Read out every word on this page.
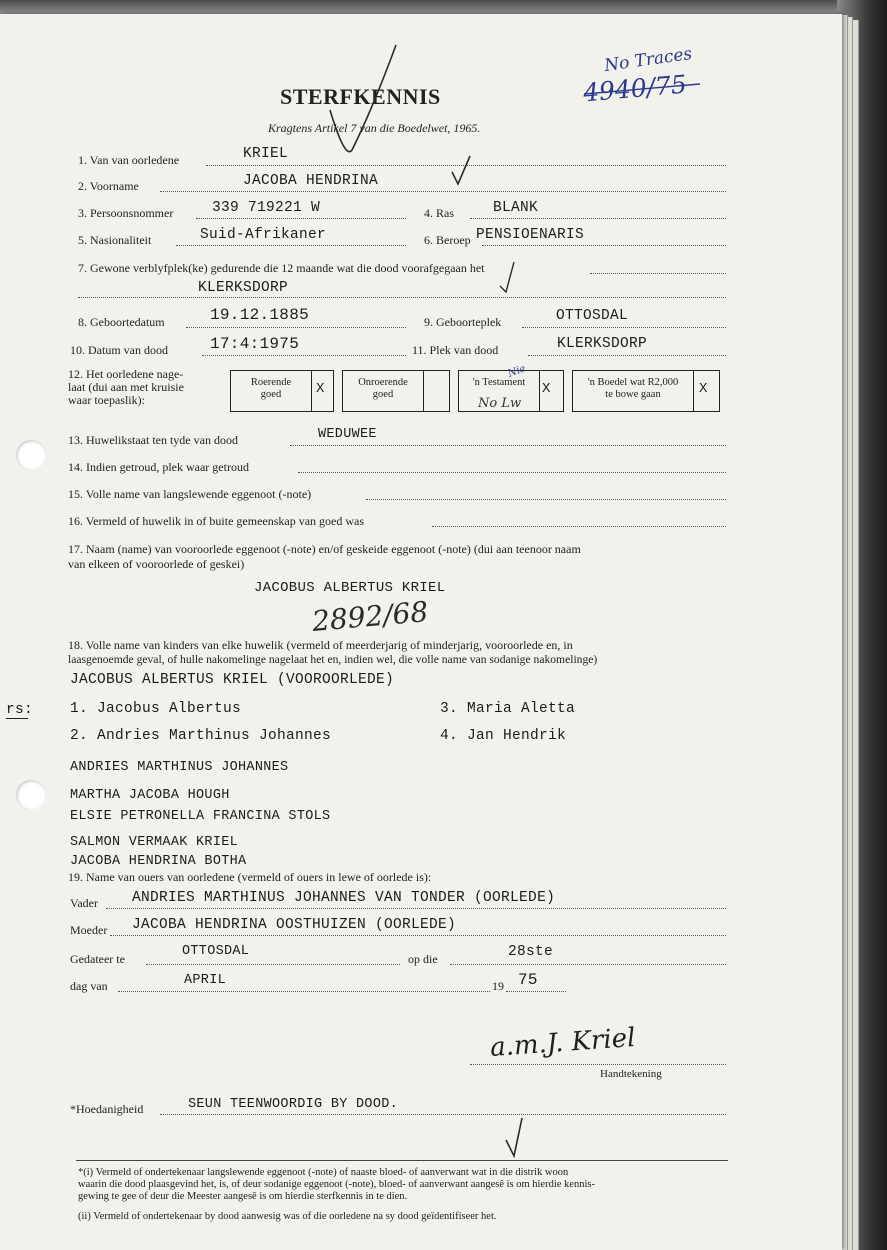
STERFKENNIS
Kragtens Artikel 7 van die Boedelwet, 1965.
No Traces
4940/75
1. Van van oorledene	KRIEL
2. Voorname	JACOBA HENDRINA
3. Persoonsnommer	339 719221 W	4. Ras	BLANK
5. Nasionaliteit	Suid-Afrikaner	6. Beroep PENSIOENARIS
7. Gewone verblyfplek(ke) gedurende die 12 maande wat die dood voorafgegaan het
KLERKSDORP
8. Geboortedatum	19.12.1885	9. Geboorteplek	OTTOSDAL
10. Datum van dood	17:4:1975	11. Plek van dood	KLERKSDORP
12. Het oorledene nage-
laat (dui aan met kruisie
waar toepaslik):
Roerende
goed	X	Onroerende
goed
'n Testament	X
Nie
No Lw
'n Boedel wat R2,000
te bowe gaan	X
13. Huwelikstaat ten tyde van dood	WEDUWEE
14. Indien getroud, plek waar getroud
15. Volle name van langslewende eggenoot (-note)
16. Vermeld of huwelik in of buite gemeenskap van goed was
17. Naam (name) van vooroorlede eggenoot (-note) en/of geskeide eggenoot (-note) (dui aan teenoor naam
van elkeen of vooroorlede of geskei)
JACOBUS ALBERTUS KRIEL
2892/68
18. Volle name van kinders van elke huwelik (vermeld of meerderjarig of minderjarig, vooroorlede en, in
laasgenoemde geval, of hulle nakomelinge nagelaat het en, indien wel, die volle name van sodanige nakomelinge)
rs:
JACOBUS ALBERTUS KRIEL (VOOROORLEDE)
1. Jacobus Albertus	3. Maria Aletta
2. Andries Marthinus Johannes	4. Jan Hendrik
ANDRIES MARTHINUS JOHANNES
MARTHA JACOBA HOUGH
ELSIE PETRONELLA FRANCINA STOLS
SALMON VERMAAK KRIEL
JACOBA HENDRINA BOTHA
19. Name van ouers van oorledene (vermeld of ouers in lewe of oorlede is):
Vader ANDRIES MARTHINUS JOHANNES VAN TONDER (OORLEDE)
Moeder JACOBA HENDRINA OOSTHUIZEN (OORLEDE)
Gedateer te	OTTOSDAL	op die	28ste
dag van	APRIL	19 75
a.m.J. Kriel
Handtekening
*Hoedanigheid	SEUN TEENWOORDIG BY DOOD.
*(i) Vermeld of ondertekenaar langslewende eggenoot (-note) of naaste bloed- of aanverwant wat in die distrik woon
waarin die dood plaasgevind het, is, of deur sodanige eggenoot (-note), bloed- of aanverwant aangesê is om hierdie kennis-
gewing te gee of deur die Meester aangesê is om hierdie sterfkennis in te dien.
(ii) Vermeld of ondertekenaar by dood aanwesig was of die oorledene na sy dood geïdentifiseer het.
